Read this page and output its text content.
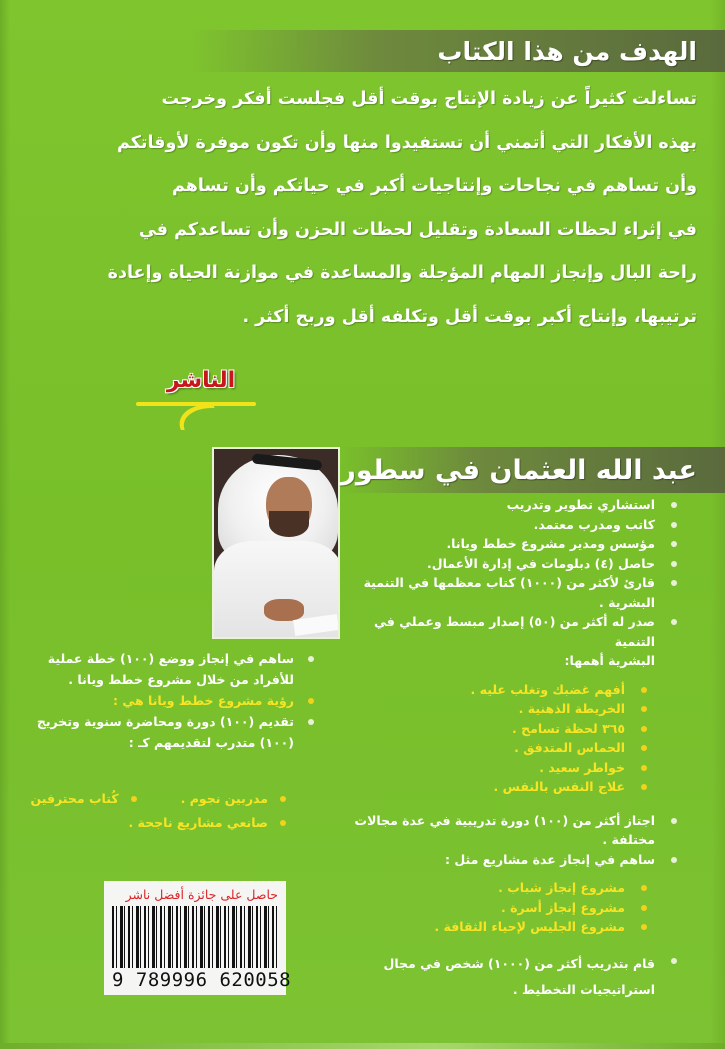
الهدف من هذا الكتاب
تساءلت كثيراً عن زيادة الإنتاج بوقت أقل فجلست أفكر وخرجت
بهذه الأفكار التي أتمني أن تستفيدوا منها وأن تكون موفرة لأوقاتكم
وأن تساهم في نجاحات وإنتاجيات أكبر في حياتكم وأن تساهم
في إثراء لحظات السعادة وتقليل لحظات الحزن وأن تساعدكم في
راحة البال وإنجاز المهام المؤجلة والمساعدة في موازنة الحياة وإعادة
ترتيبها، وإنتاج أكبر بوقت أقل وتكلفه أقل وربح أكثر .
الناشر
عبد الله العثمان في سطور
استشاري تطوير وتدريب
كاتب ومدرب معتمد.
مؤسس ومدير مشروع خطط ويانا.
حاصل (٤) دبلومات في إدارة الأعمال.
قارئ لأكثر من (١٠٠٠) كتاب معظمها في التنمية البشرية .
صدر له أكثر من (٥٠) إصدار مبسط وعملي في التنمية
البشرية أهمها:
أفهم غضبك وتغلب عليه .
الخريطة الذهنية .
٣٦٥ لحظة تسامح .
الحماس المتدفق .
خواطر سعيد .
علاج النفس بالنفس .
اجتاز أكثر من (١٠٠) دورة تدريبية في عدة مجالات مختلفة .
ساهم في إنجاز عدة مشاريع مثل :
مشروع إنجاز شباب .
مشروع إنجاز أسرة .
مشروع الجليس لإحياء الثقافة .
قام بتدريب أكثر من (١٠٠٠) شخص في مجال
استراتيجيات التخطيط .
ساهم في إنجاز ووضع (١٠٠) خطة عملية
للأفراد من خلال مشروع خطط ويانا .
رؤية مشروع خطط ويانا هي :
تقديم (١٠٠) دورة ومحاضرة سنوية وتخريج
(١٠٠) متدرب لتقديمهم كـ :
مدربين نجوم .
كُتاب محترفين
صانعي مشاريع ناجحة .
حاصل على جائزة أفضل ناشر
9 789996 620058
